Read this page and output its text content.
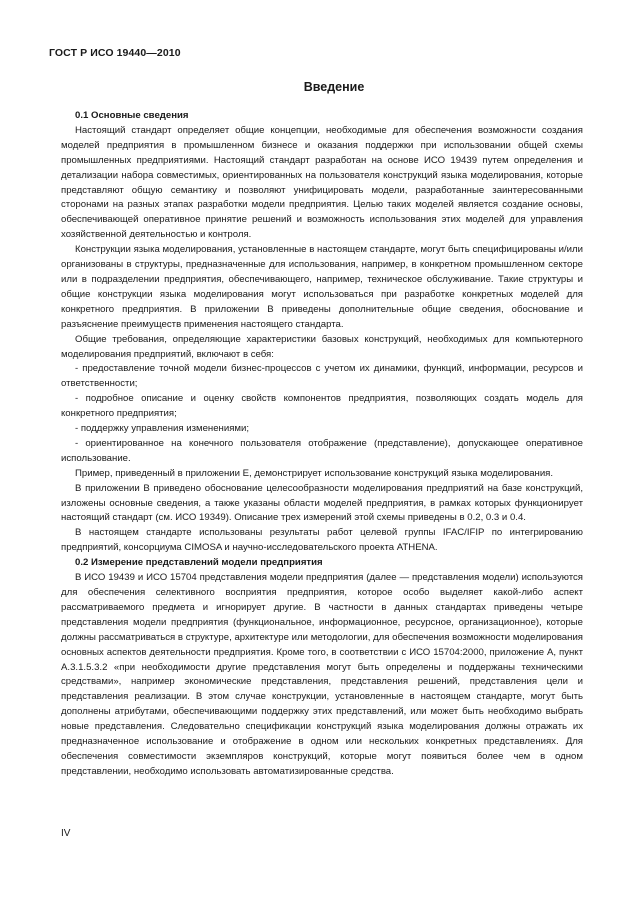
ГОСТ Р ИСО 19440—2010
Введение

0.1 Основные сведения

Настоящий стандарт определяет общие концепции, необходимые для обеспечения возможности создания моделей предприятия в промышленном бизнесе и оказания поддержки при использовании общей схемы промышленных предприятиями. Настоящий стандарт разработан на основе ИСО 19439 путем определения и детализации набора совместимых, ориентированных на пользователя конструкций языка моделирования, которые представляют общую семантику и позволяют унифицировать модели, разработанные заинтересованными сторонами на разных этапах разработки модели предприятия. Целью таких моделей является создание основы, обеспечивающей оперативное принятие решений и возможность использования этих моделей для управления хозяйственной деятельностью и контроля.

Конструкции языка моделирования, установленные в настоящем стандарте, могут быть специфицированы и/или организованы в структуры, предназначенные для использования, например, в конкретном промышленном секторе или в подразделении предприятия, обеспечивающего, например, техническое обслуживание. Такие структуры и общие конструкции языка моделирования могут использоваться при разработке конкретных моделей для конкретного предприятия. В приложении В приведены дополнительные общие сведения, обоснование и разъяснение преимуществ применения настоящего стандарта.

Общие требования, определяющие характеристики базовых конструкций, необходимых для компьютерного моделирования предприятий, включают в себя:

- предоставление точной модели бизнес-процессов с учетом их динамики, функций, информации, ресурсов и ответственности;

- подробное описание и оценку свойств компонентов предприятия, позволяющих создать модель для конкретного предприятия;

- поддержку управления изменениями;

- ориентированное на конечного пользователя отображение (представление), допускающее оперативное использование.

Пример, приведенный в приложении Е, демонстрирует использование конструкций языка моделирования.

В приложении В приведено обоснование целесообразности моделирования предприятий на базе конструкций, изложены основные сведения, а также указаны области моделей предприятия, в рамках которых функционирует настоящий стандарт (см. ИСО 19349). Описание трех измерений этой схемы приведены в 0.2, 0.3 и 0.4.

В настоящем стандарте использованы результаты работ целевой группы IFAC/IFIP по интегрированию предприятий, консорциума CIMOSA и научно-исследовательского проекта ATHENA.

0.2 Измерение представлений модели предприятия

В ИСО 19439 и ИСО 15704 представления модели предприятия (далее — представления модели) используются для обеспечения селективного восприятия предприятия, которое особо выделяет какой-либо аспект рассматриваемого предмета и игнорирует другие. В частности в данных стандартах приведены четыре представления модели предприятия (функциональное, информационное, ресурсное, организационное), которые должны рассматриваться в структуре, архитектуре или методологии, для обеспечения возможности моделирования основных аспектов деятельности предприятия. Кроме того, в соответствии с ИСО 15704:2000, приложение А, пункт А.3.1.5.3.2 «при необходимости другие представления могут быть определены и поддержаны техническими средствами», например экономические представления, представления решений, представления цели и представления реализации. В этом случае конструкции, установленные в настоящем стандарте, могут быть дополнены атрибутами, обеспечивающими поддержку этих представлений, или может быть необходимо выбрать новые представления. Следовательно спецификации конструкций языка моделирования должны отражать их предназначенное использование и отображение в одном или нескольких конкретных представлениях. Для обеспечения совместимости экземпляров конструкций, которые могут появиться более чем в одном представлении, необходимо использовать автоматизированные средства.

IV
